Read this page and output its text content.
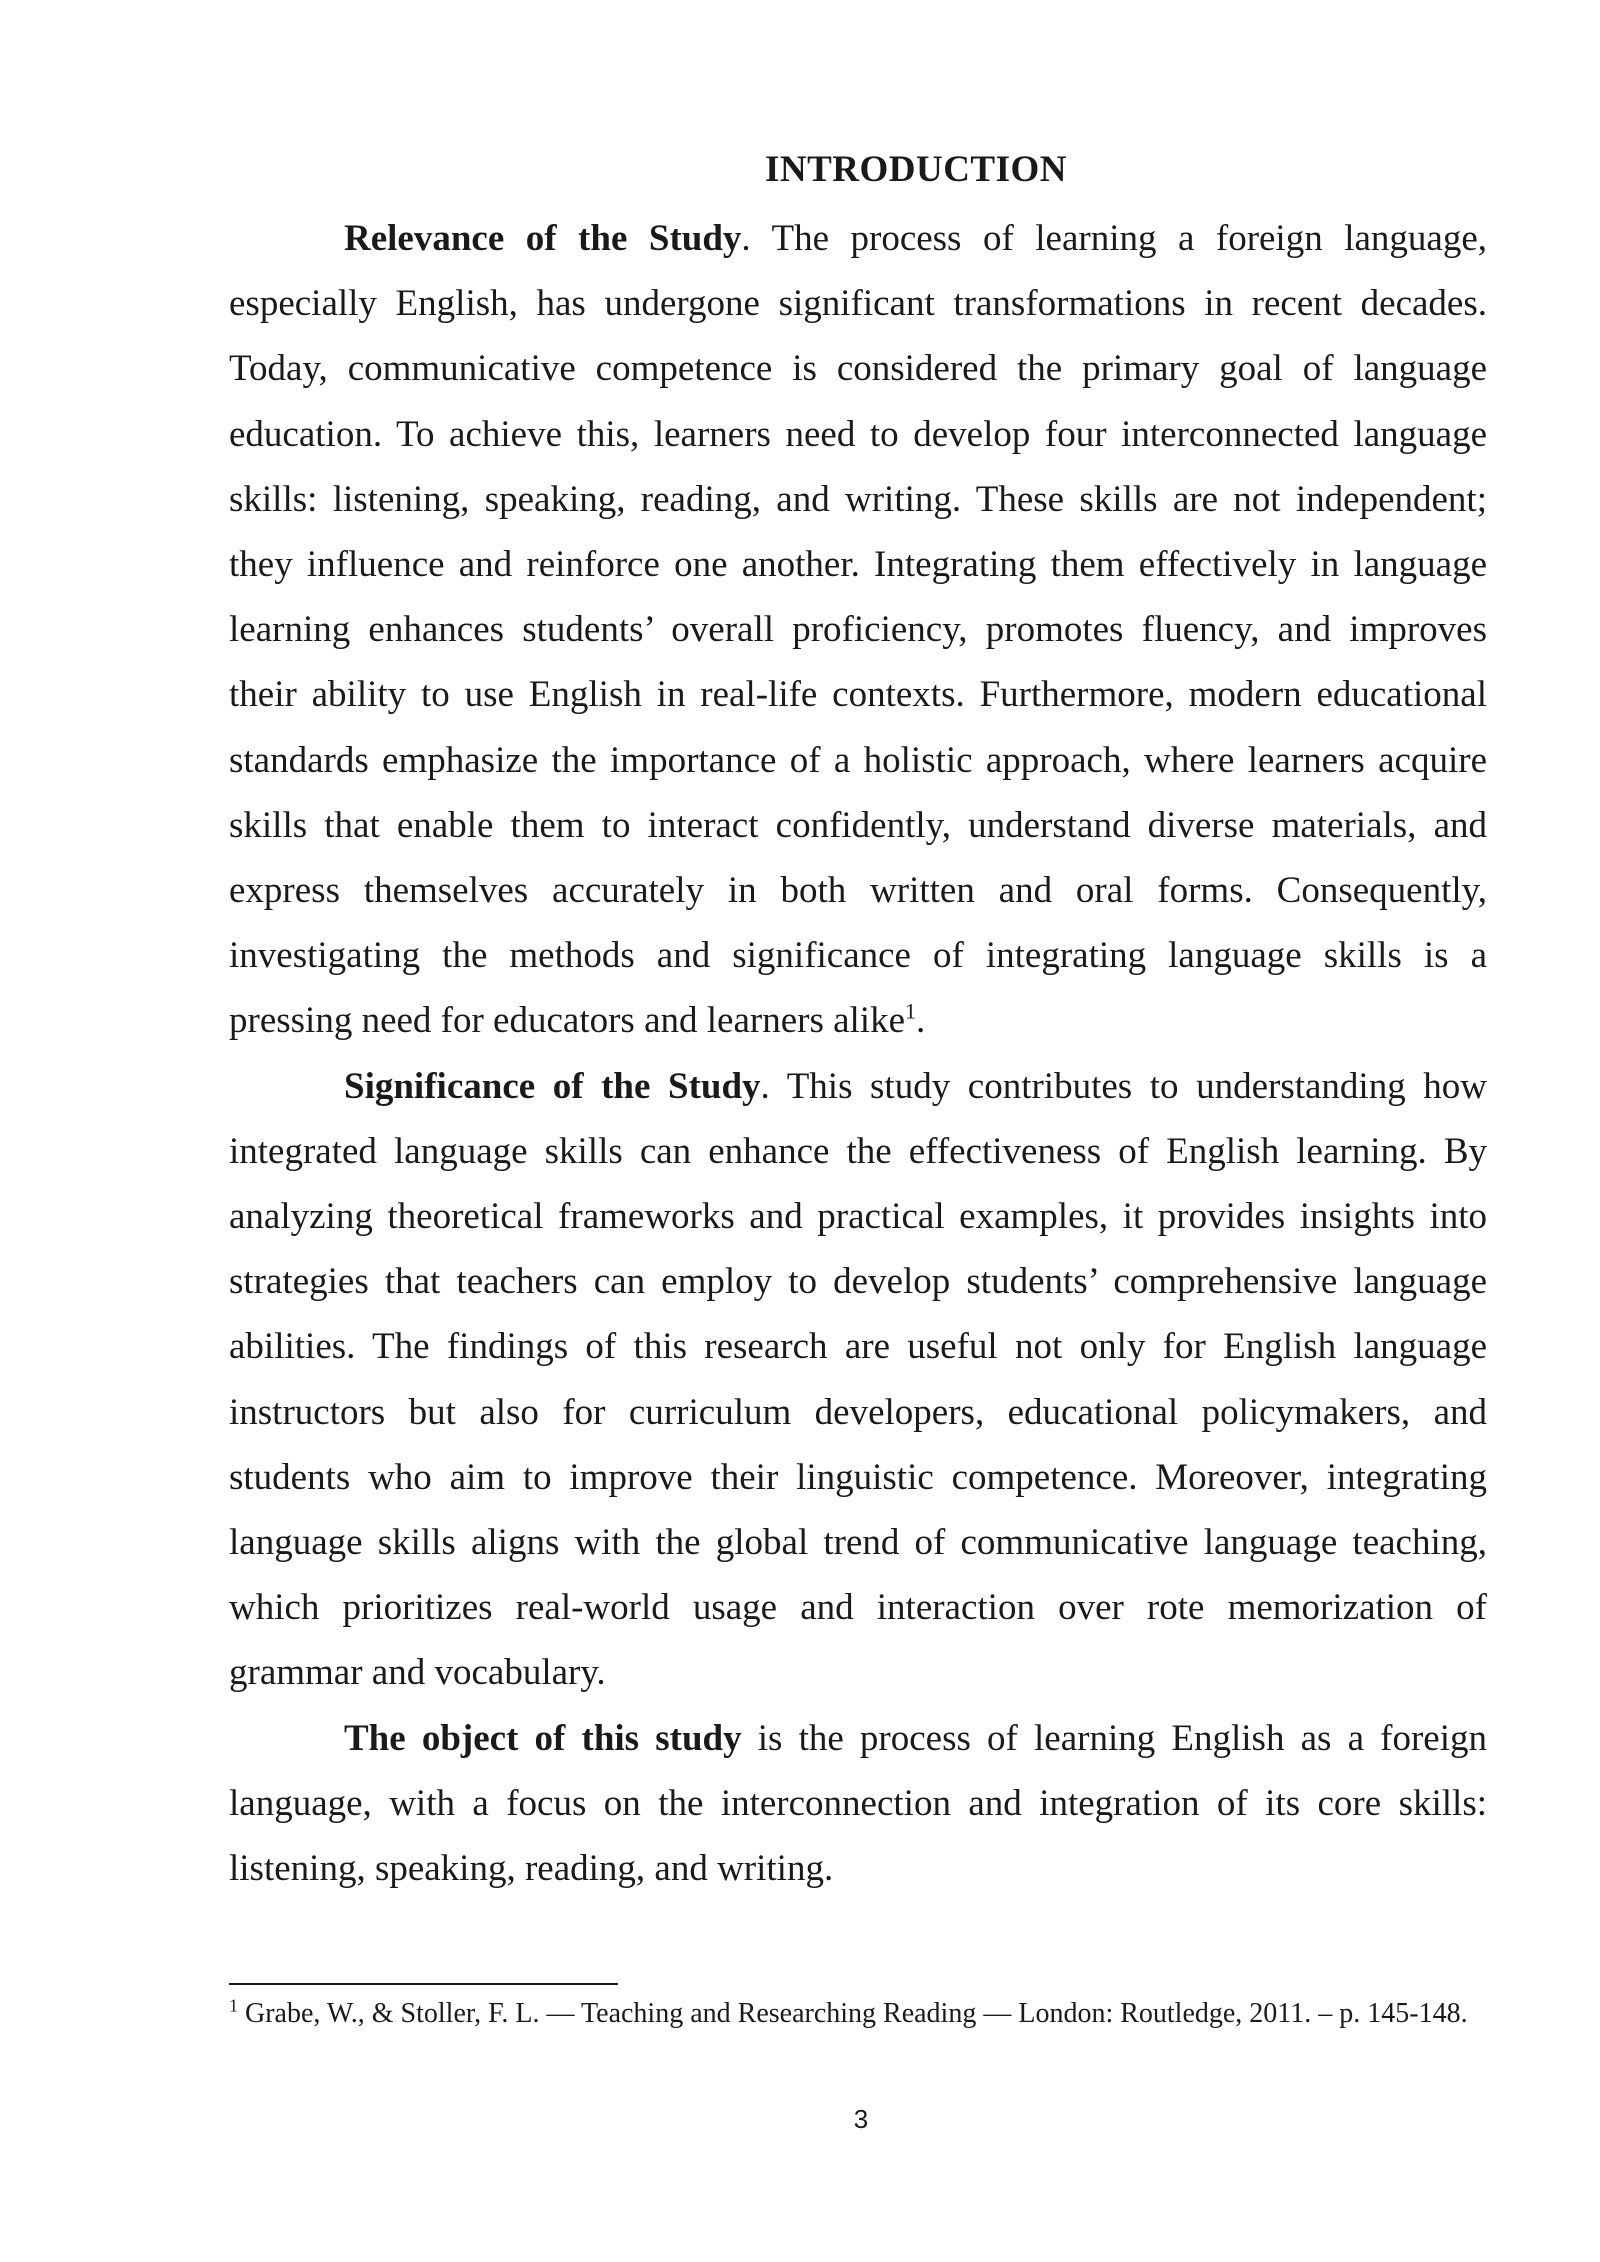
INTRODUCTION

Relevance of the Study. The process of learning a foreign language, especially English, has undergone significant transformations in recent decades. Today, communicative competence is considered the primary goal of language education. To achieve this, learners need to develop four interconnected language skills: listening, speaking, reading, and writing. These skills are not independent; they influence and reinforce one another. Integrating them effectively in language learning enhances students’ overall proficiency, promotes fluency, and improves their ability to use English in real-life contexts. Furthermore, modern educational standards emphasize the importance of a holistic approach, where learners acquire skills that enable them to interact confidently, understand diverse materials, and express themselves accurately in both written and oral forms. Consequently, investigating the methods and significance of integrating language skills is a pressing need for educators and learners alike$^1$.

Significance of the Study. This study contributes to understanding how integrated language skills can enhance the effectiveness of English learning. By analyzing theoretical frameworks and practical examples, it provides insights into strategies that teachers can employ to develop students’ comprehensive language abilities. The findings of this research are useful not only for English language instructors but also for curriculum developers, educational policymakers, and students who aim to improve their linguistic competence. Moreover, integrating language skills aligns with the global trend of communicative language teaching, which prioritizes real-world usage and interaction over rote memorization of grammar and vocabulary.

The object of this study is the process of learning English as a foreign language, with a focus on the interconnection and integration of its core skills: listening, speaking, reading, and writing.

$^1$ Grabe, W., & Stoller, F. L. — Teaching and Researching Reading — London: Routledge, 2011. – p. 145-148.
3
